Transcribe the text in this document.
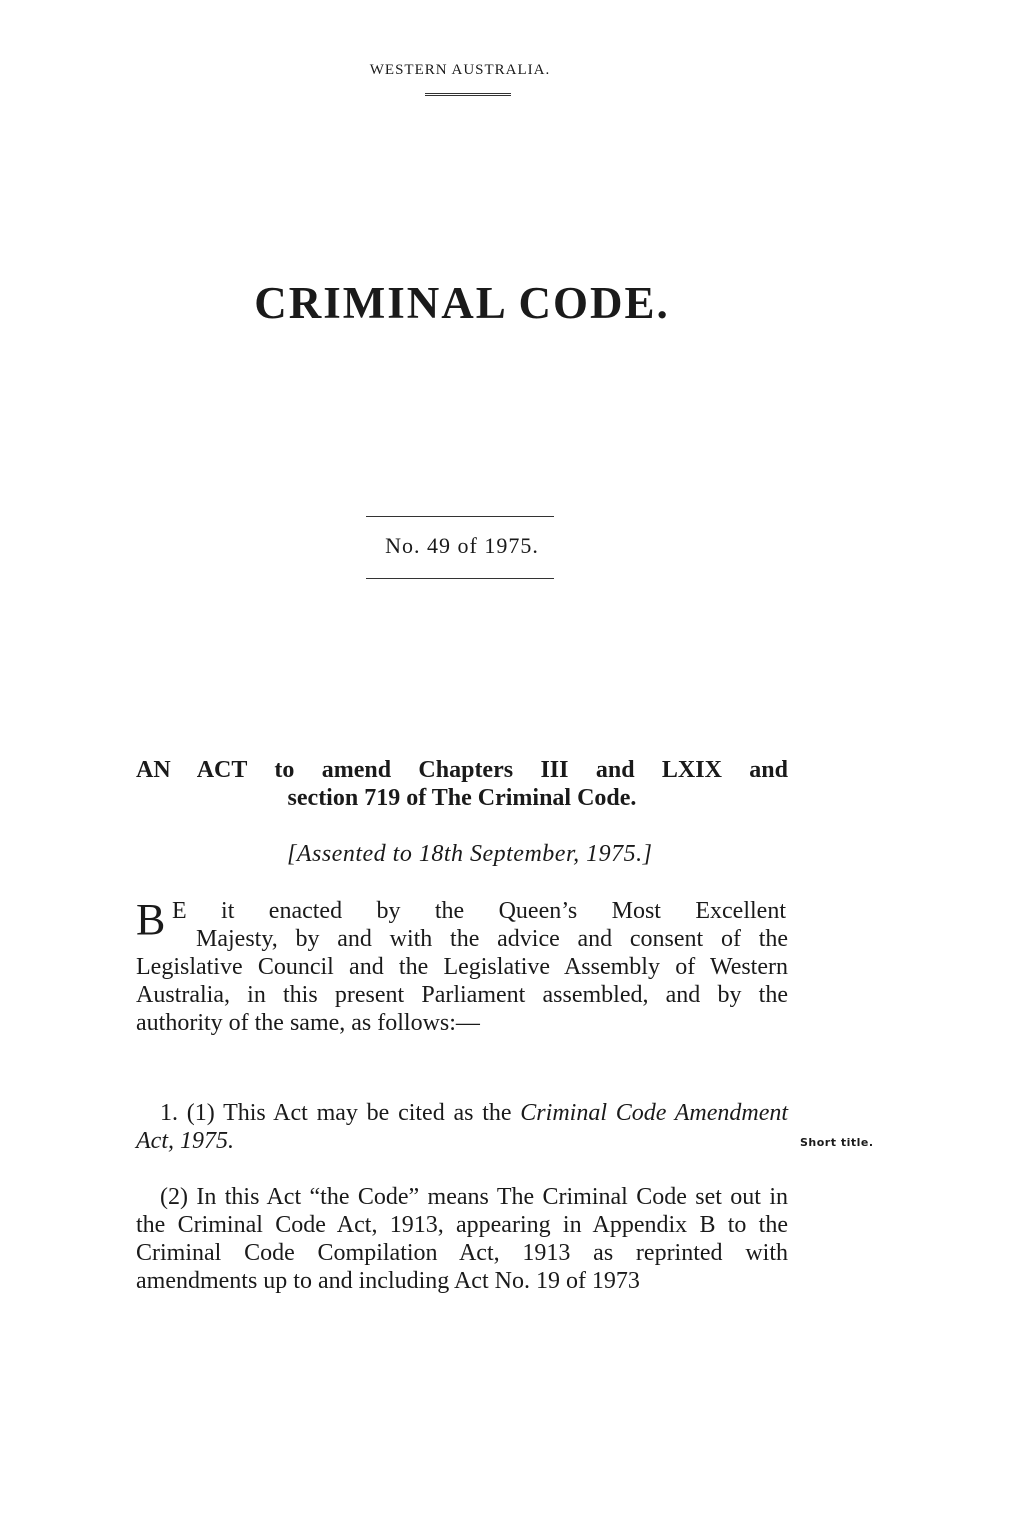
WESTERN AUSTRALIA.
CRIMINAL CODE.
No. 49 of 1975.
AN ACT to amend Chapters III and LXIX and
section 719 of The Criminal Code.
[Assented to 18th September, 1975.]
B E it enacted by the Queen’s Most Excellent
Majesty, by and with the advice and consent of the Legislative Council and the Legislative Assembly of Western Australia, in this present Parliament assembled, and by the authority of the same, as follows:—
1. (1) This Act may be cited as the Criminal Code Amendment Act, 1975.	Short title.
(2) In this Act “the Code” means The Criminal Code set out in the Criminal Code Act, 1913, appearing in Appendix B to the Criminal Code Compilation Act, 1913 as reprinted with amendments up to and including Act No. 19 of 1973
